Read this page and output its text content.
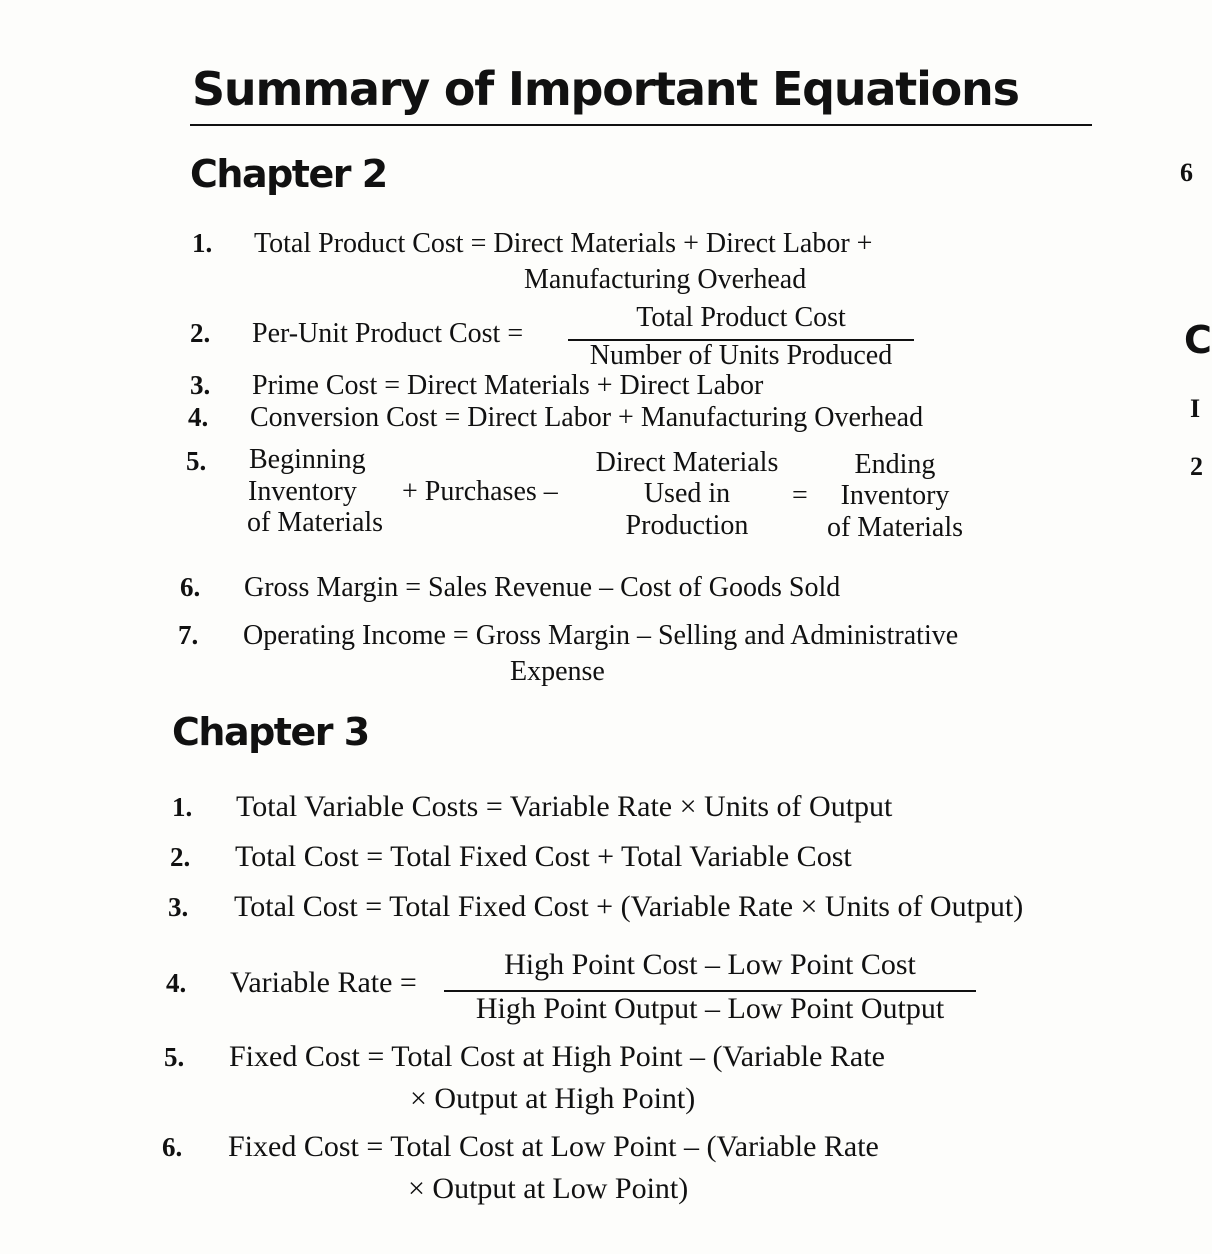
Summary of Important Equations
6
C
I
2
Chapter 2
1. Total Product Cost = Direct Materials + Direct Labor +
Manufacturing Overhead
2. Per-Unit Product Cost =
Total Product Cost
Number of Units Produced
3. Prime Cost = Direct Materials + Direct Labor
4. Conversion Cost = Direct Labor + Manufacturing Overhead
5. Beginning
Inventory
of Materials
+ Purchases –
Direct Materials
Used in
Production
=
Ending
Inventory
of Materials
6. Gross Margin = Sales Revenue – Cost of Goods Sold
7. Operating Income = Gross Margin – Selling and Administrative
Expense
Chapter 3
1. Total Variable Costs = Variable Rate × Units of Output
2. Total Cost = Total Fixed Cost + Total Variable Cost
3. Total Cost = Total Fixed Cost + (Variable Rate × Units of Output)
4. Variable Rate =
High Point Cost – Low Point Cost
High Point Output – Low Point Output
5. Fixed Cost = Total Cost at High Point – (Variable Rate
× Output at High Point)
6. Fixed Cost = Total Cost at Low Point – (Variable Rate
× Output at Low Point)
